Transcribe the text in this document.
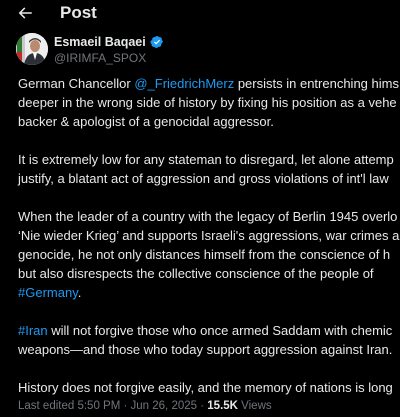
Post
Esmaeil Baqaei
@IRIMFA_SPOX
German Chancellor @_FriedrichMerz persists in entrenching hims
deeper in the wrong side of history by fixing his position as a vehe
backer & apologist of a genocidal aggressor.
It is extremely low for any stateman to disregard, let alone attemp
justify, a blatant act of aggression and gross violations of int'l law
When the leader of a country with the legacy of Berlin 1945 overlo
‘Nie wieder Krieg’ and supports Israeli's aggressions, war crimes a
genocide, he not only distances himself from the conscience of h
but also disrespects the collective conscience of the people of
#Germany.
#Iran will not forgive those who once armed Saddam with chemic
weapons—and those who today support aggression against Iran.
History does not forgive easily, and the memory of nations is long
Last edited 5:50 PM · Jun 26, 2025 · 15.5K Views
